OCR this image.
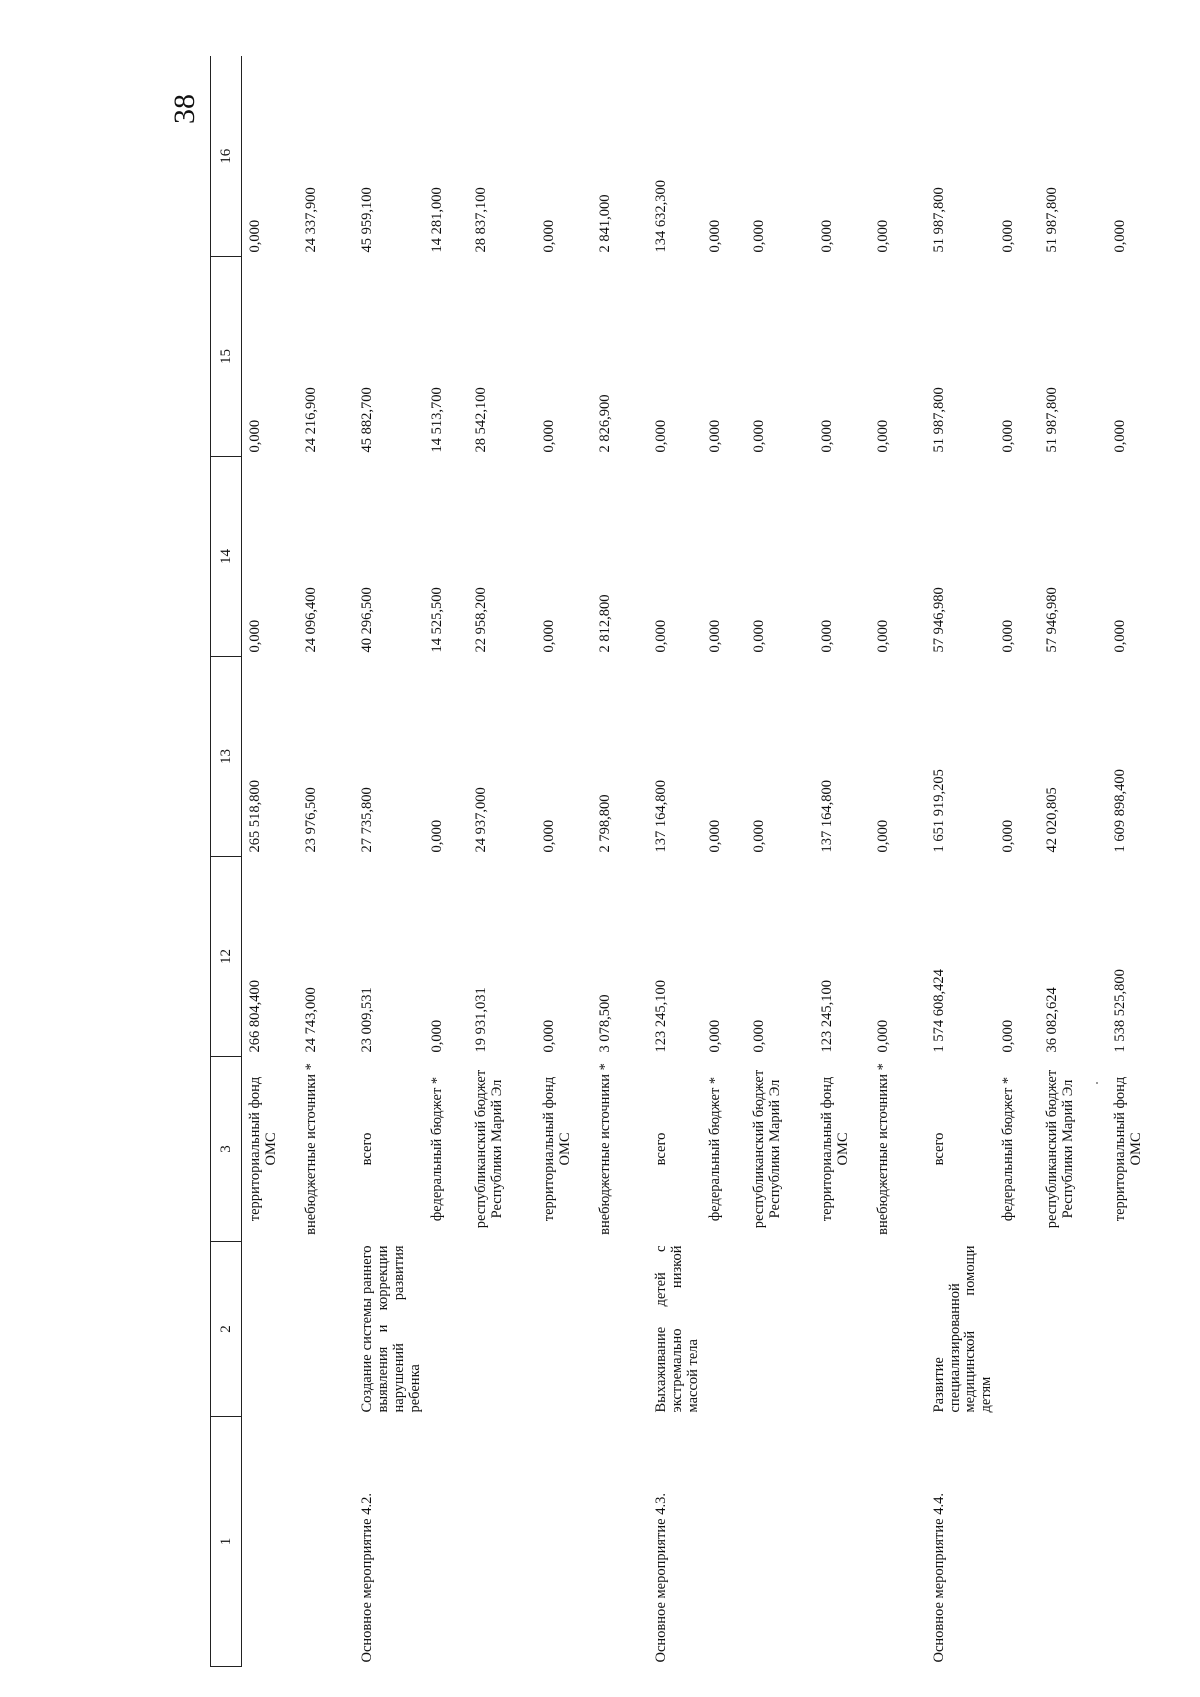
38
1	2	3	12	13	14	15	16
		территориальный фонд ОМС	266 804,400	265 518,800	0,000	0,000	0,000
		внебюджетные источники *	24 743,000	23 976,500	24 096,400	24 216,900	24 337,900
Основное мероприятие 4.2.	Создание системы раннего выявления и коррекции нарушений развития ребенка	всего	23 009,531	27 735,800	40 296,500	45 882,700	45 959,100
		федеральный бюджет *	0,000	0,000	14 525,500	14 513,700	14 281,000
		республиканский бюджет Республики Марий Эл	19 931,031	24 937,000	22 958,200	28 542,100	28 837,100
		территориальный фонд ОМС	0,000	0,000	0,000	0,000	0,000
		внебюджетные источники *	3 078,500	2 798,800	2 812,800	2 826,900	2 841,000
Основное мероприятие 4.3.	Выхаживание детей с экстремально низкой массой тела	всего	123 245,100	137 164,800	0,000	0,000	134 632,300
		федеральный бюджет *	0,000	0,000	0,000	0,000	0,000
		республиканский бюджет Республики Марий Эл	0,000	0,000	0,000	0,000	0,000
		территориальный фонд ОМС	123 245,100	137 164,800	0,000	0,000	0,000
		внебюджетные источники *	0,000	0,000	0,000	0,000	0,000
Основное мероприятие 4.4.	Развитие специализированной медицинской помощи детям	всего	1 574 608,424	1 651 919,205	57 946,980	51 987,800	51 987,800
		федеральный бюджет *	0,000	0,000	0,000	0,000	0,000
		республиканский бюджет Республики Марий Эл	36 082,624	42 020,805	57 946,980	51 987,800	51 987,800
		территориальный фонд ОМС	1 538 525,800	1 609 898,400	0,000	0,000	0,000
